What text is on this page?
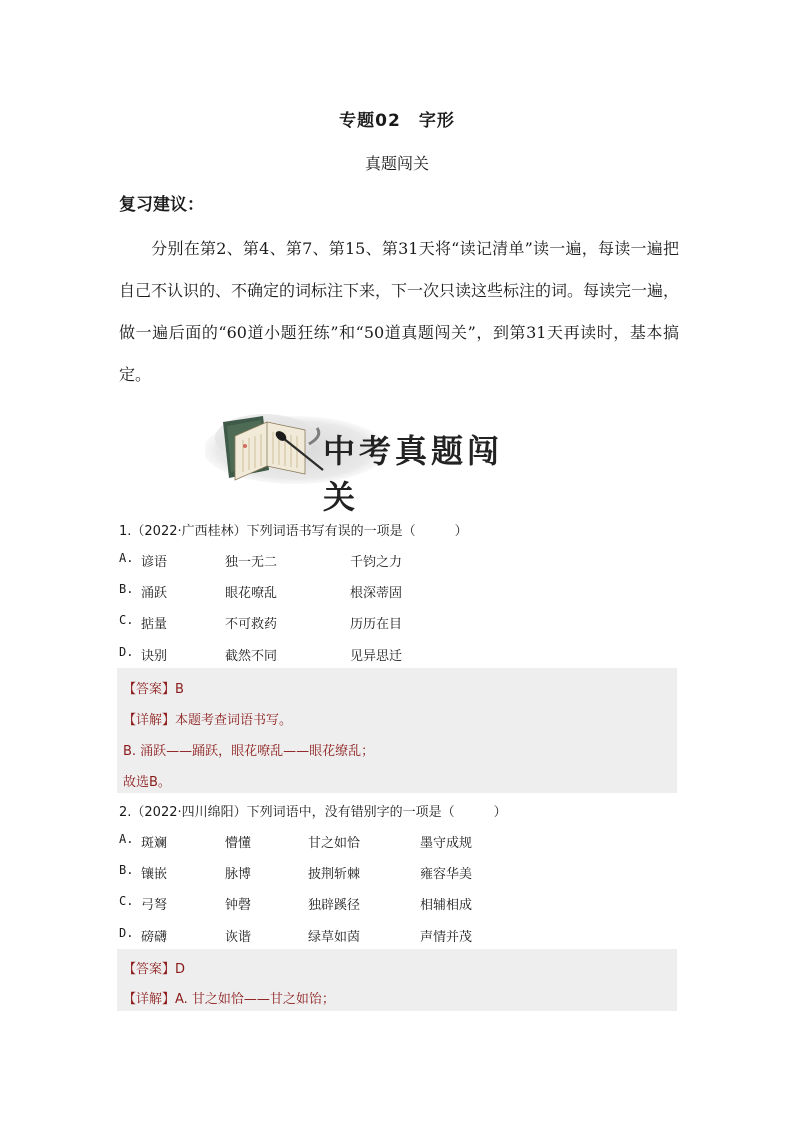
专题02　字形
真题闯关
复习建议：
分别在第2、第4、第7、第15、第31天将“读记清单”读一遍，每读一遍把自己不认识的、不确定的词标注下来，下一次只读这些标注的词。每读完一遍，做一遍后面的“60道小题狂练”和“50道真题闯关”，到第31天再读时，基本搞定。
中考真题闯关
1.（2022·广西桂林）下列词语书写有误的一项是（　　　）
A. 谚语	独一无二	千钧之力
B. 涌跃	眼花嘹乱	根深蒂固
C. 掂量	不可救药	历历在目
D. 诀别	截然不同	见异思迁
【答案】B
【详解】本题考查词语书写。
B. 涌跃——踊跃，眼花嘹乱——眼花缭乱；
故选B。
2.（2022·四川绵阳）下列词语中，没有错别字的一项是（　　　）
A. 斑斓	懵懂	甘之如恰	墨守成规
B. 镶嵌	脉博	披荆斩棘	雍容华美
C. 弓弩	钟磬	独辟蹊径	相辅相成
D. 磅礴	诙谐	绿草如茵	声情并茂
【答案】D
【详解】A. 甘之如恰——甘之如饴；
